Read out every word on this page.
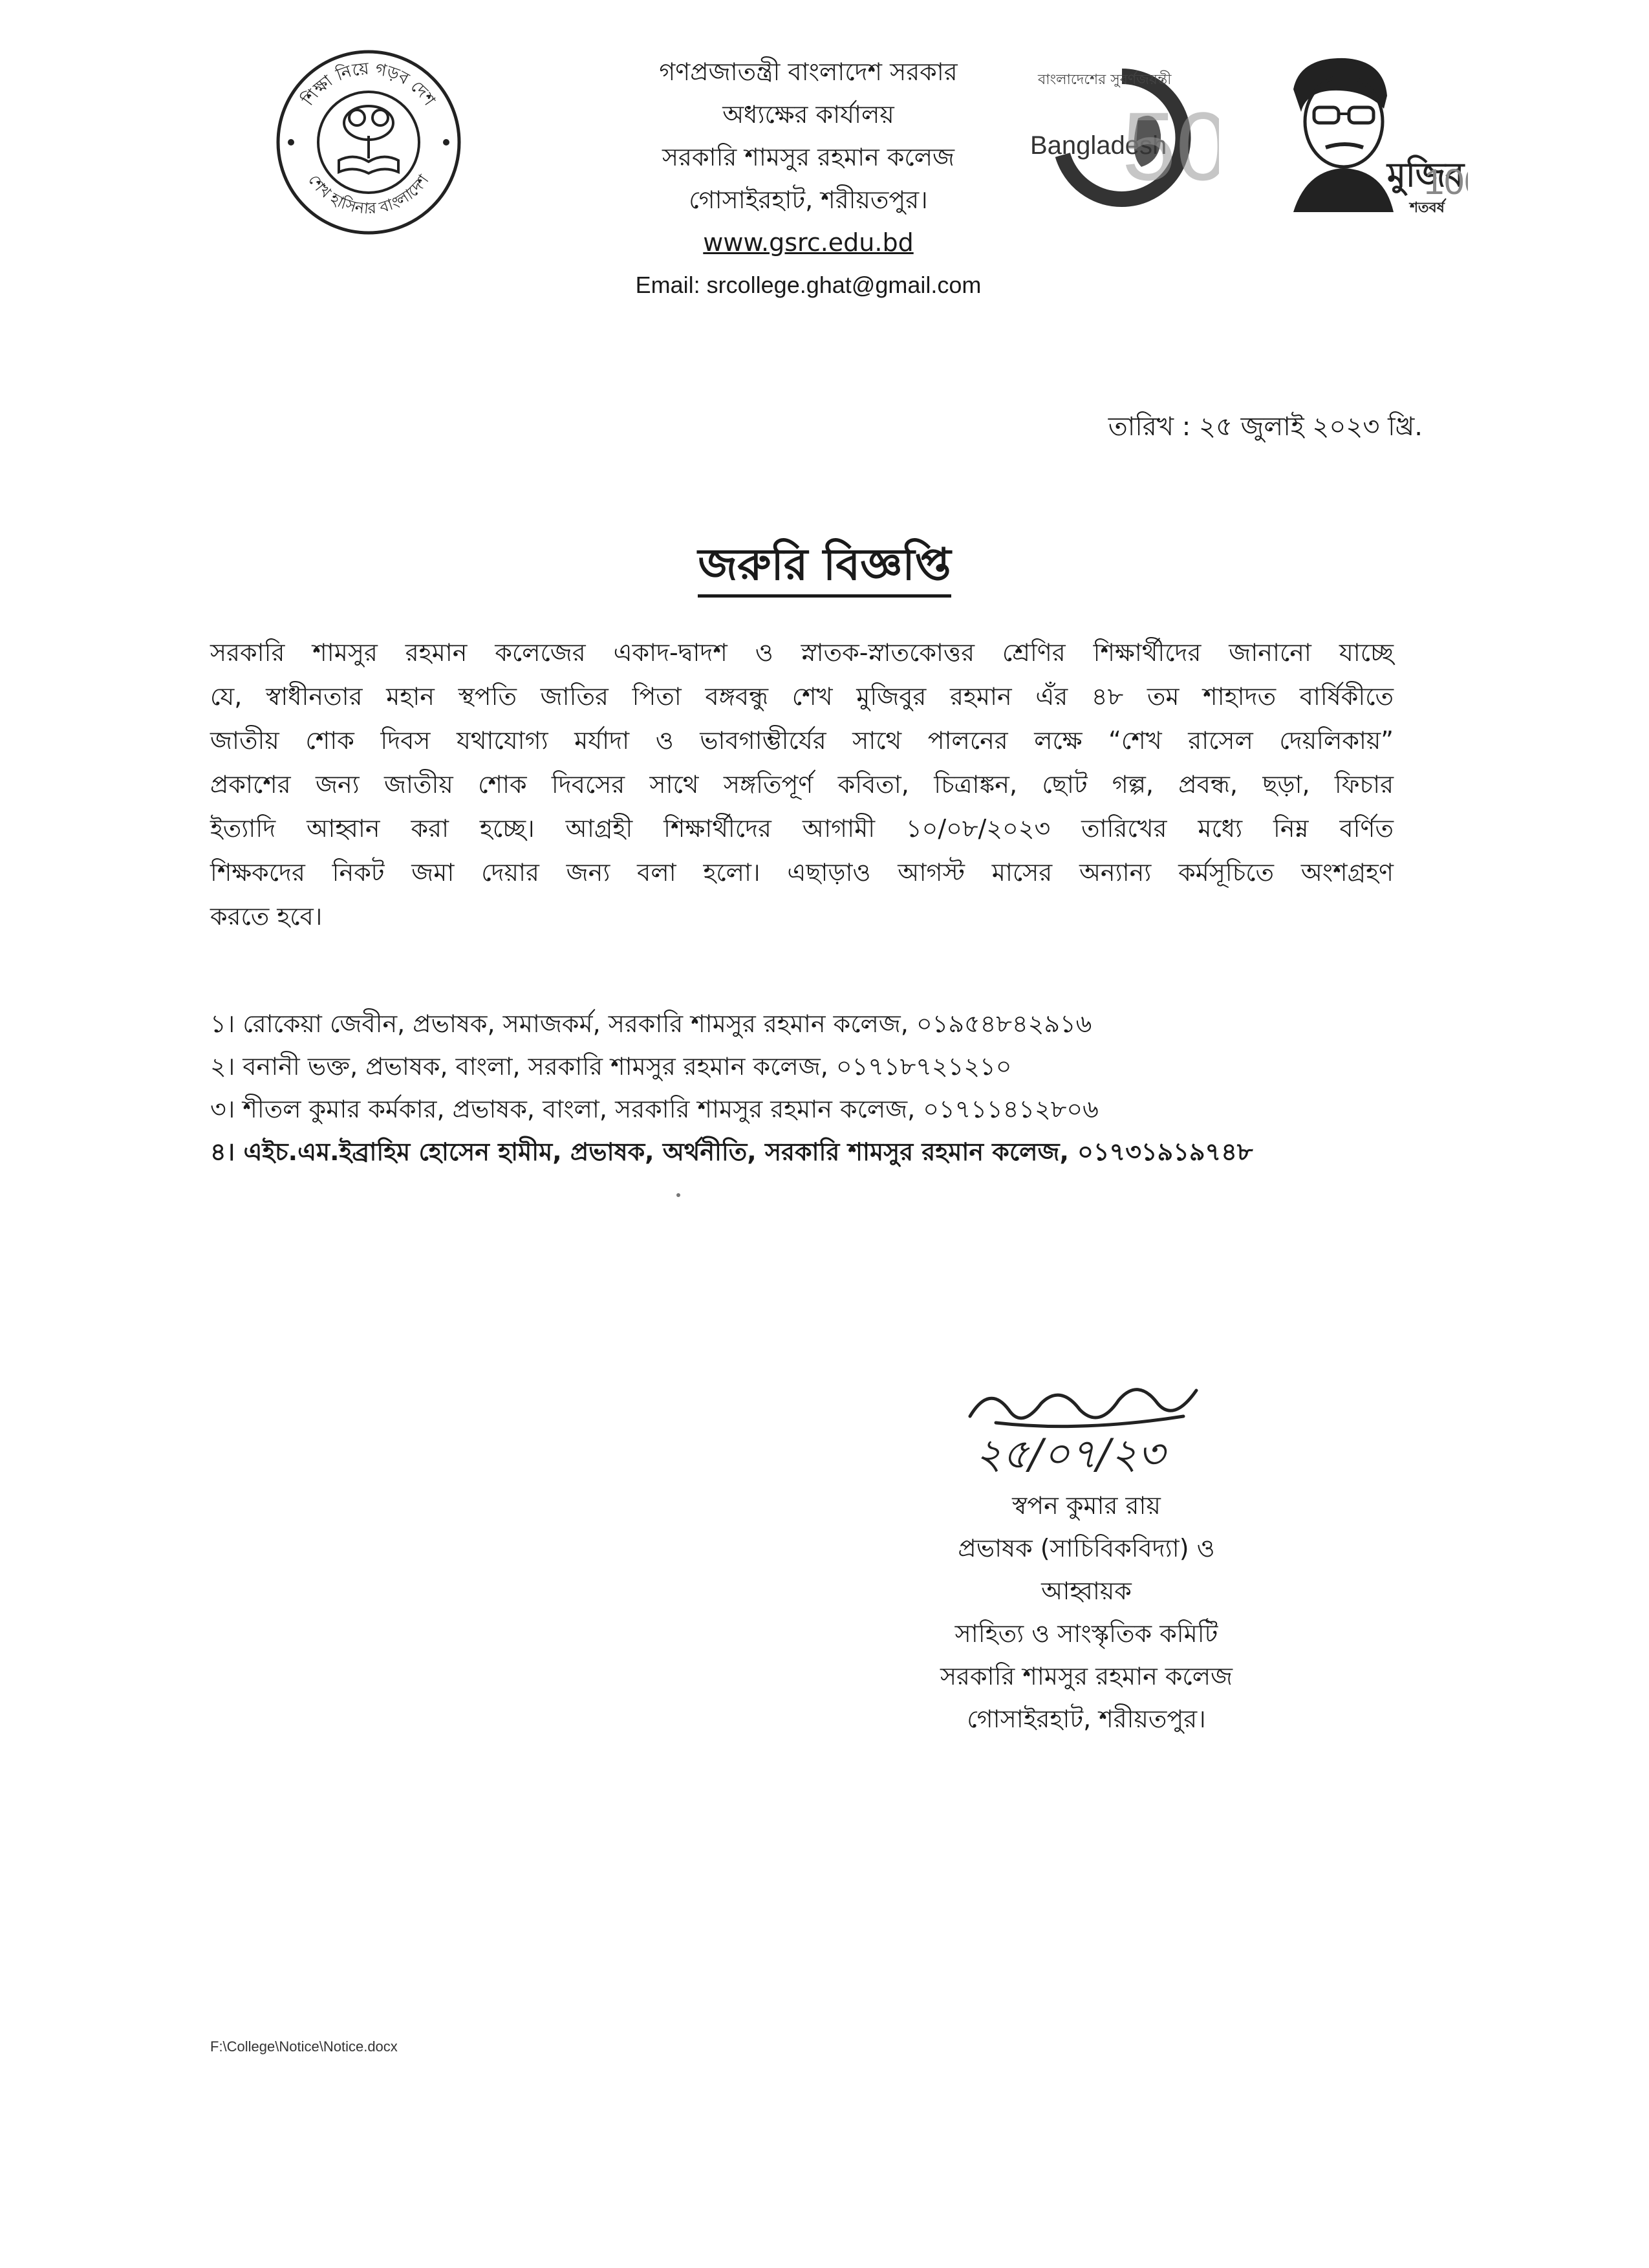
শিক্ষা নিয়ে গড়ব দেশ
শেখ হাসিনার বাংলাদেশ
গণপ্রজাতন্ত্রী বাংলাদেশ সরকার
অধ্যক্ষের কার্যালয়
সরকারি শামসুর রহমান কলেজ
গোসাইরহাট, শরীয়তপুর।
www.gsrc.edu.bd
Email: srcollege.ghat@gmail.com
বাংলাদেশের সুবর্ণজয়ন্তী
Bangladesh
50	মুজিব
শতবর্ষ
10
তারিখ : ২৫ জুলাই ২০২৩ খ্রি.
জরুরি বিজ্ঞপ্তি
সরকারি শামসুর রহমান কলেজের একাদ-দ্বাদশ ও স্নাতক-স্নাতকোত্তর শ্রেণির শিক্ষার্থীদের জানানো যাচ্ছে
যে, স্বাধীনতার মহান স্থপতি জাতির পিতা বঙ্গবন্ধু শেখ মুজিবুর রহমান এঁর ৪৮ তম শাহাদত বার্ষিকীতে
জাতীয় শোক দিবস যথাযোগ্য মর্যাদা ও ভাবগাম্ভীর্যের সাথে পালনের লক্ষে “শেখ রাসেল দেয়লিকায়”
প্রকাশের জন্য জাতীয় শোক দিবসের সাথে সঙ্গতিপূর্ণ কবিতা, চিত্রাঙ্কন, ছোট গল্প, প্রবন্ধ, ছড়া, ফিচার
ইত্যাদি আহ্বান করা হচ্ছে। আগ্রহী শিক্ষার্থীদের আগামী ১০/০৮/২০২৩ তারিখের মধ্যে নিম্ন বর্ণিত
শিক্ষকদের নিকট জমা দেয়ার জন্য বলা হলো। এছাড়াও আগস্ট মাসের অন্যান্য কর্মসূচিতে অংশগ্রহণ
করতে হবে।
১। রোকেয়া জেবীন, প্রভাষক, সমাজকর্ম, সরকারি শামসুর রহমান কলেজ, ০১৯৫৪৮৪২৯১৬
২। বনানী ভক্ত, প্রভাষক, বাংলা, সরকারি শামসুর রহমান কলেজ, ০১৭১৮৭২১২১০
৩। শীতল কুমার কর্মকার, প্রভাষক, বাংলা, সরকারি শামসুর রহমান কলেজ, ০১৭১১৪১২৮০৬
৪। এইচ.এম.ইব্রাহিম হোসেন হামীম, প্রভাষক, অর্থনীতি, সরকারি শামসুর রহমান কলেজ, ০১৭৩১৯১৯৭৪৮
২৫/০৭/২৩
স্বপন কুমার রায়
প্রভাষক (সাচিবিকবিদ্যা) ও
আহ্বায়ক
সাহিত্য ও সাংস্কৃতিক কমিটি
সরকারি শামসুর রহমান কলেজ
গোসাইরহাট, শরীয়তপুর।
F:\College\Notice\Notice.docx
